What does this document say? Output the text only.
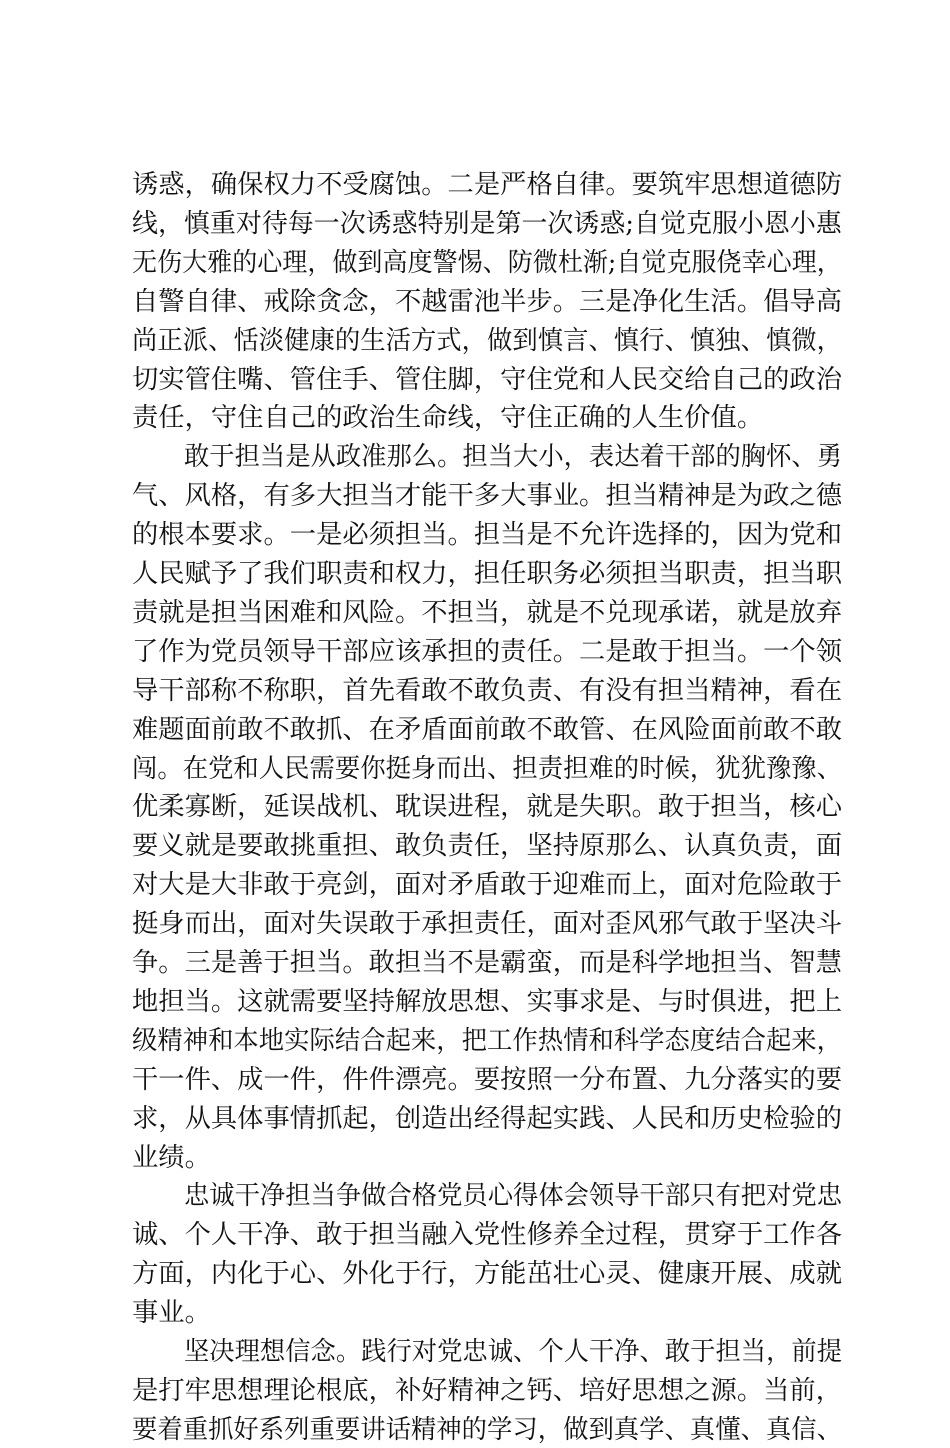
诱惑，确保权力不受腐蚀。二是严格自律。要筑牢思想道德防
线，慎重对待每一次诱惑特别是第一次诱惑;自觉克服小恩小惠
无伤大雅的心理，做到高度警惕、防微杜渐;自觉克服侥幸心理，
自警自律、戒除贪念，不越雷池半步。三是净化生活。倡导高
尚正派、恬淡健康的生活方式，做到慎言、慎行、慎独、慎微，
切实管住嘴、管住手、管住脚，守住党和人民交给自己的政治
责任，守住自己的政治生命线，守住正确的人生价值。
敢于担当是从政准那么。担当大小，表达着干部的胸怀、勇
气、风格，有多大担当才能干多大事业。担当精神是为政之德
的根本要求。一是必须担当。担当是不允许选择的，因为党和
人民赋予了我们职责和权力，担任职务必须担当职责，担当职
责就是担当困难和风险。不担当，就是不兑现承诺，就是放弃
了作为党员领导干部应该承担的责任。二是敢于担当。一个领
导干部称不称职，首先看敢不敢负责、有没有担当精神，看在
难题面前敢不敢抓、在矛盾面前敢不敢管、在风险面前敢不敢
闯。在党和人民需要你挺身而出、担责担难的时候，犹犹豫豫、
优柔寡断，延误战机、耽误进程，就是失职。敢于担当，核心
要义就是要敢挑重担、敢负责任，坚持原那么、认真负责，面
对大是大非敢于亮剑，面对矛盾敢于迎难而上，面对危险敢于
挺身而出，面对失误敢于承担责任，面对歪风邪气敢于坚决斗
争。三是善于担当。敢担当不是霸蛮，而是科学地担当、智慧
地担当。这就需要坚持解放思想、实事求是、与时俱进，把上
级精神和本地实际结合起来，把工作热情和科学态度结合起来，
干一件、成一件，件件漂亮。要按照一分布置、九分落实的要
求，从具体事情抓起，创造出经得起实践、人民和历史检验的
业绩。
忠诚干净担当争做合格党员心得体会领导干部只有把对党忠
诚、个人干净、敢于担当融入党性修养全过程，贯穿于工作各
方面，内化于心、外化于行，方能茁壮心灵、健康开展、成就
事业。
坚决理想信念。践行对党忠诚、个人干净、敢于担当，前提
是打牢思想理论根底，补好精神之钙、培好思想之源。当前，
要着重抓好系列重要讲话精神的学习，做到真学、真懂、真信、
